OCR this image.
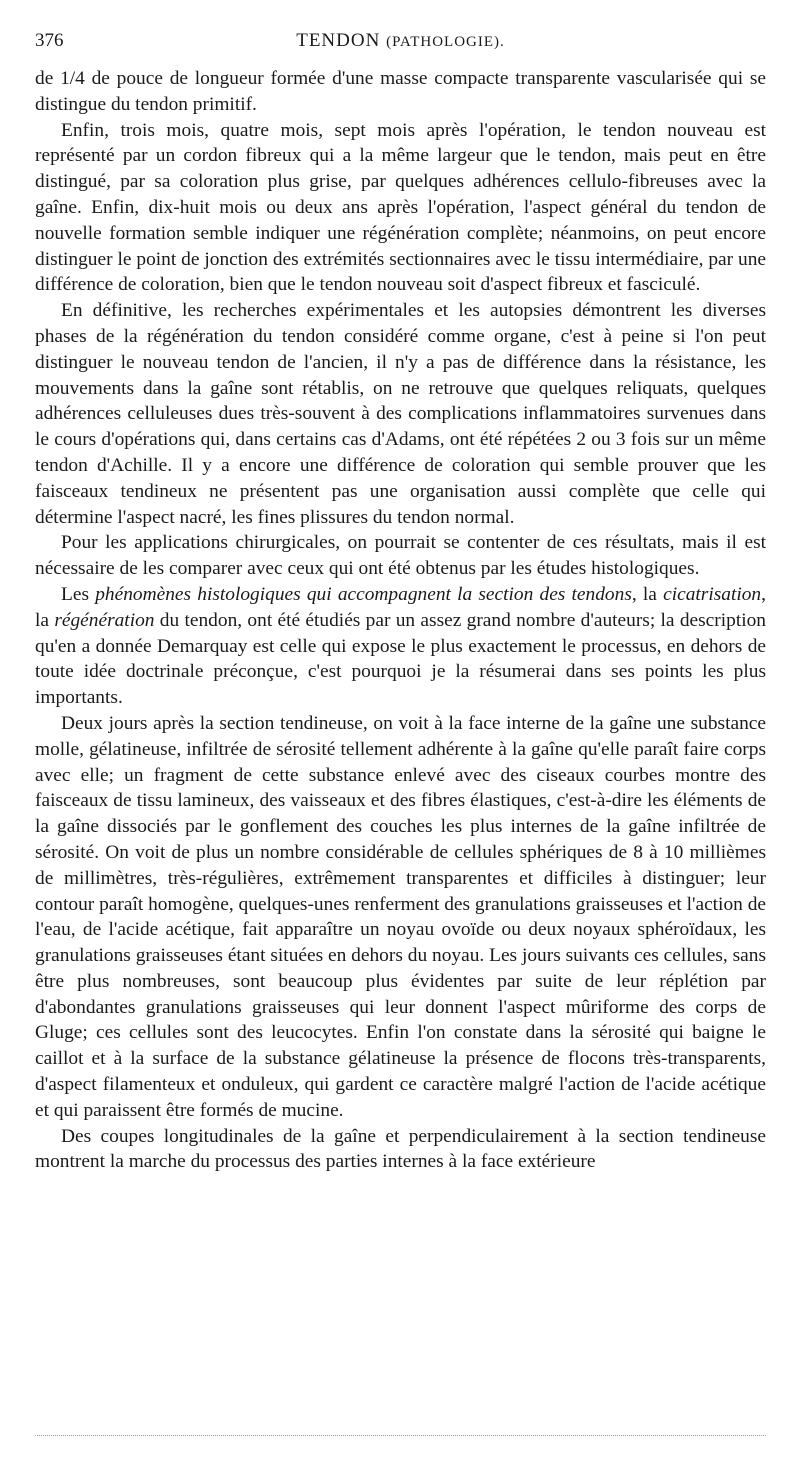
376	TENDON (PATHOLOGIE).

de 1/4 de pouce de longueur formée d'une masse compacte transparente vascularisée qui se distingue du tendon primitif.

Enfin, trois mois, quatre mois, sept mois après l'opération, le tendon nouveau est représenté par un cordon fibreux qui a la même largeur que le tendon, mais peut en être distingué, par sa coloration plus grise, par quelques adhérences cellulo-fibreuses avec la gaîne. Enfin, dix-huit mois ou deux ans après l'opération, l'aspect général du tendon de nouvelle formation semble indiquer une régénération complète; néanmoins, on peut encore distinguer le point de jonction des extrémités sectionnaires avec le tissu intermédiaire, par une différence de coloration, bien que le tendon nouveau soit d'aspect fibreux et fasciculé.

En définitive, les recherches expérimentales et les autopsies démontrent les diverses phases de la régénération du tendon considéré comme organe, c'est à peine si l'on peut distinguer le nouveau tendon de l'ancien, il n'y a pas de différence dans la résistance, les mouvements dans la gaîne sont rétablis, on ne retrouve que quelques reliquats, quelques adhérences celluleuses dues très-souvent à des complications inflammatoires survenues dans le cours d'opérations qui, dans certains cas d'Adams, ont été répétées 2 ou 3 fois sur un même tendon d'Achille. Il y a encore une différence de coloration qui semble prouver que les faisceaux tendineux ne présentent pas une organisation aussi complète que celle qui détermine l'aspect nacré, les fines plissures du tendon normal.

Pour les applications chirurgicales, on pourrait se contenter de ces résultats, mais il est nécessaire de les comparer avec ceux qui ont été obtenus par les études histologiques.

Les phénomènes histologiques qui accompagnent la section des tendons, la cicatrisation, la régénération du tendon, ont été étudiés par un assez grand nombre d'auteurs; la description qu'en a donnée Demarquay est celle qui expose le plus exactement le processus, en dehors de toute idée doctrinale préconçue, c'est pourquoi je la résumerai dans ses points les plus importants.

Deux jours après la section tendineuse, on voit à la face interne de la gaîne une substance molle, gélatineuse, infiltrée de sérosité tellement adhérente à la gaîne qu'elle paraît faire corps avec elle; un fragment de cette substance enlevé avec des ciseaux courbes montre des faisceaux de tissu lamineux, des vaisseaux et des fibres élastiques, c'est-à-dire les éléments de la gaîne dissociés par le gonflement des couches les plus internes de la gaîne infiltrée de sérosité. On voit de plus un nombre considérable de cellules sphériques de 8 à 10 millièmes de millimètres, très-régulières, extrêmement transparentes et difficiles à distinguer; leur contour paraît homogène, quelques-unes renferment des granulations graisseuses et l'action de l'eau, de l'acide acétique, fait apparaître un noyau ovoïde ou deux noyaux sphéroïdaux, les granulations graisseuses étant situées en dehors du noyau. Les jours suivants ces cellules, sans être plus nombreuses, sont beaucoup plus évidentes par suite de leur réplétion par d'abondantes granulations graisseuses qui leur donnent l'aspect mûriforme des corps de Gluge; ces cellules sont des leucocytes. Enfin l'on constate dans la sérosité qui baigne le caillot et à la surface de la substance gélatineuse la présence de flocons très-transparents, d'aspect filamenteux et onduleux, qui gardent ce caractère malgré l'action de l'acide acétique et qui paraissent être formés de mucine.

Des coupes longitudinales de la gaîne et perpendiculairement à la section tendineuse montrent la marche du processus des parties internes à la face extérieure
